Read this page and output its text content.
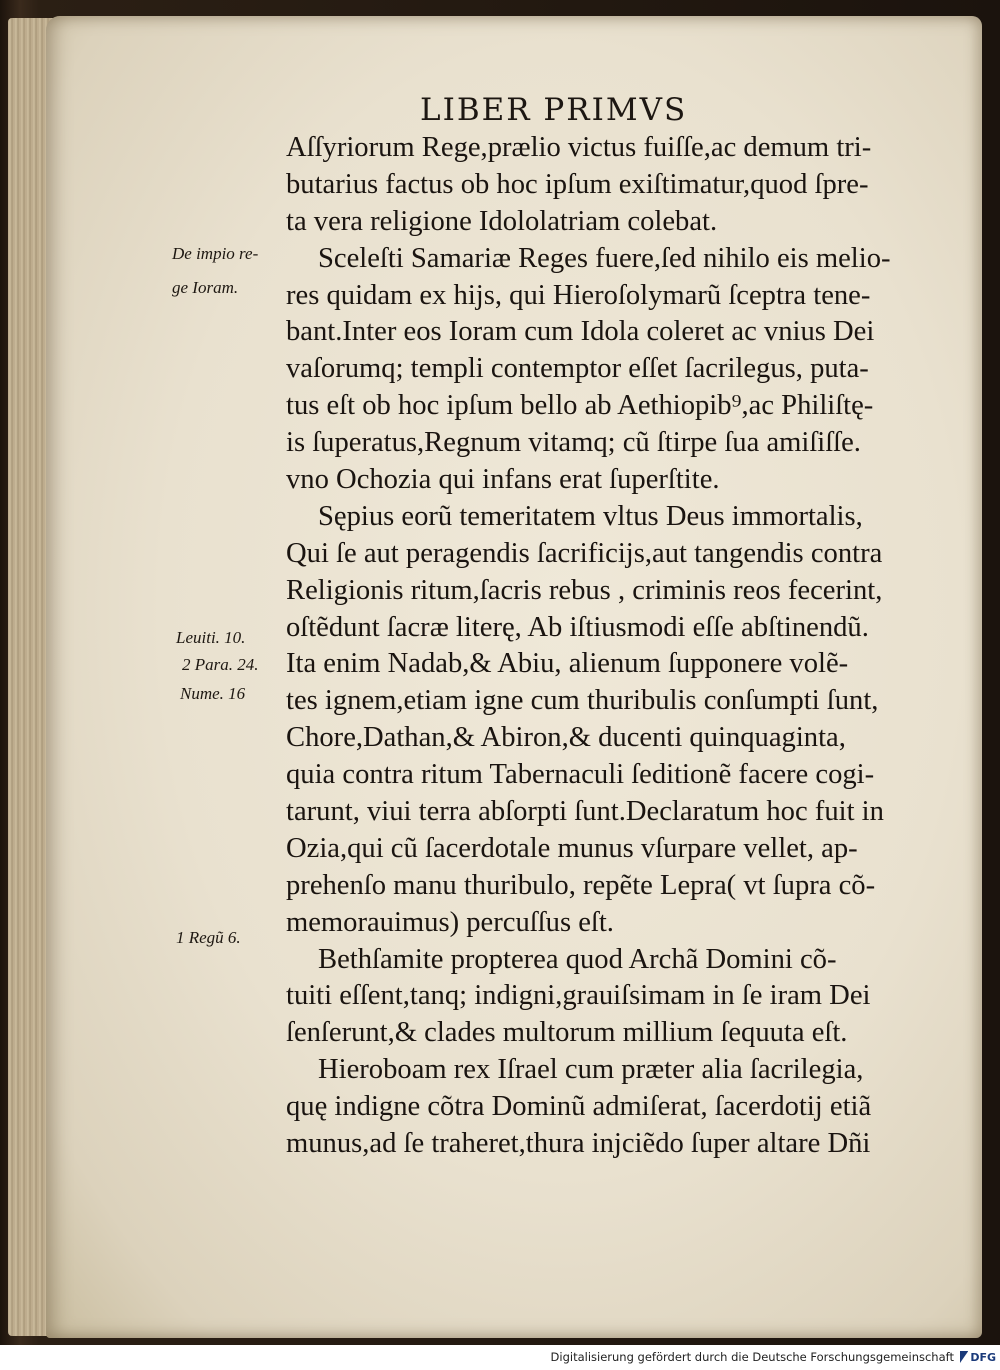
LIBER PRIMVS
Aſſyriorum Rege,prælio victus fuiſſe,ac demum tri-
butarius factus ob hoc ipſum exiſtimatur,quod ſpre-
ta vera religione Idololatriam colebat.
Sceleſti Samariæ Reges fuere,ſed nihilo eis melio-
res quidam ex hijs, qui Hieroſolymarũ ſceptra tene-
bant.Inter eos Ioram cum Idola coleret ac vnius Dei
vaſorumq; templi contemptor eſſet ſacrilegus, puta-
tus eſt ob hoc ipſum bello ab Aethiopib⁹,ac Philiſtę-
is ſuperatus,Regnum vitamq; cũ ſtirpe ſua amiſiſſe.
vno Ochozia qui infans erat ſuperſtite.
Sępius eorũ temeritatem vltus Deus immortalis,
Qui ſe aut peragendis ſacrificijs,aut tangendis contra
Religionis ritum,ſacris rebus , criminis reos fecerint,
oſtẽdunt ſacræ literę, Ab iſtiusmodi eſſe abſtinendũ.
Ita enim Nadab,& Abiu, alienum ſupponere volẽ-
tes ignem,etiam igne cum thuribulis conſumpti ſunt,
Chore,Dathan,& Abiron,& ducenti quinquaginta,
quia contra ritum Tabernaculi ſeditionẽ facere cogi-
tarunt, viui terra abſorpti ſunt.Declaratum hoc fuit in
Ozia,qui cũ ſacerdotale munus vſurpare vellet, ap-
prehenſo manu thuribulo, repẽte Lepra( vt ſupra cõ-
memorauimus) percuſſus eſt.
Bethſamite propterea quod Archã Domini cõ-
tuiti eſſent,tanq; indigni,grauiſsimam in ſe iram Dei
ſenſerunt,& clades multorum millium ſequuta eſt.
Hieroboam rex Iſrael cum præter alia ſacrilegia,
quę indigne cõtra Dominũ admiſerat, ſacerdotij etiã
munus,ad ſe traheret,thura injciẽdo ſuper altare Dñi
De impio re-
ge Ioram.
Leuiti. 10.
2 Para. 24.
Nume. 16
1 Regũ 6.
Digitalisierung gefördert durch die Deutsche Forschungsgemeinschaft DFG
